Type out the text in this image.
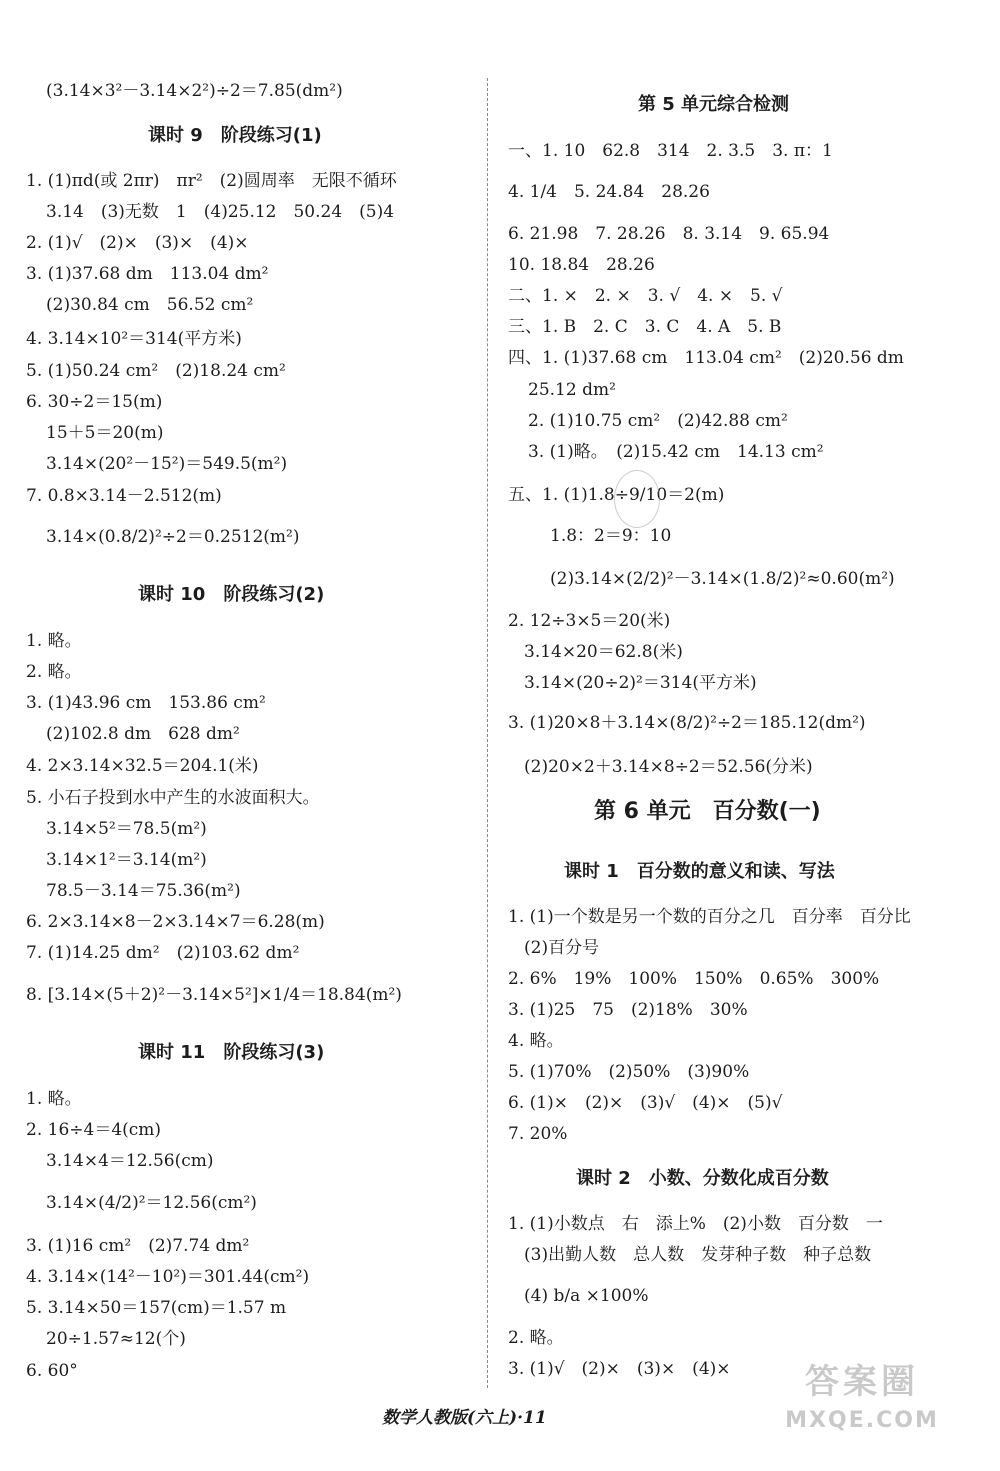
(3.14×3²－3.14×2²)÷2＝7.85(dm²)
课时 9　阶段练习(1)
1. (1)πd(或 2πr)　πr²　(2)圆周率　无限不循环
3.14　(3)无数　1　(4)25.12　50.24　(5)4
2. (1)√　(2)×　(3)×　(4)×
3. (1)37.68 dm　113.04 dm²
(2)30.84 cm　56.52 cm²
4. 3.14×10²＝314(平方米)
5. (1)50.24 cm²　(2)18.24 cm²
6. 30÷2＝15(m)
15＋5＝20(m)
3.14×(20²－15²)＝549.5(m²)
7. 0.8×3.14－2.512(m)
3.14×(0.8/2)²÷2＝0.2512(m²)
课时 10　阶段练习(2)
1. 略。
2. 略。
3. (1)43.96 cm　153.86 cm²
(2)102.8 dm　628 dm²
4. 2×3.14×32.5＝204.1(米)
5. 小石子投到水中产生的水波面积大。
3.14×5²＝78.5(m²)
3.14×1²＝3.14(m²)
78.5－3.14＝75.36(m²)
6. 2×3.14×8－2×3.14×7＝6.28(m)
7. (1)14.25 dm²　(2)103.62 dm²
8. [3.14×(5＋2)²－3.14×5²]×1/4＝18.84(m²)
课时 11　阶段练习(3)
1. 略。
2. 16÷4＝4(cm)
3.14×4＝12.56(cm)
3.14×(4/2)²＝12.56(cm²)
3. (1)16 cm²　(2)7.74 dm²
4. 3.14×(14²－10²)＝301.44(cm²)
5. 3.14×50＝157(cm)＝1.57 m
20÷1.57≈12(个)
6. 60°
第 5 单元综合检测
一、1. 10　62.8　314　2. 3.5　3. π：1
4. 1/4　5. 24.84　28.26
6. 21.98　7. 28.26　8. 3.14　9. 65.94
10. 18.84　28.26
二、1. ×　2. ×　3. √　4. ×　5. √
三、1. B　2. C　3. C　4. A　5. B
四、1. (1)37.68 cm　113.04 cm²　(2)20.56 dm
25.12 dm²
2. (1)10.75 cm²　(2)42.88 cm²
3. (1)略。　(2)15.42 cm　14.13 cm²
五、1. (1)1.8÷9/10＝2(m)
1.8：2＝9：10
(2)3.14×(2/2)²－3.14×(1.8/2)²≈0.60(m²)
2. 12÷3×5＝20(米)
3.14×20＝62.8(米)
3.14×(20÷2)²＝314(平方米)
3. (1)20×8＋3.14×(8/2)²÷2＝185.12(dm²)
(2)20×2＋3.14×8÷2＝52.56(分米)
第 6 单元　百分数(一)
课时 1　百分数的意义和读、写法
1. (1)一个数是另一个数的百分之几　百分率　百分比
(2)百分号
2. 6%　19%　100%　150%　0.65%　300%
3. (1)25　75　(2)18%　30%
4. 略。
5. (1)70%　(2)50%　(3)90%
6. (1)×　(2)×　(3)√　(4)×　(5)√
7. 20%
课时 2　小数、分数化成百分数
1. (1)小数点　右　添上%　(2)小数　百分数　一
(3)出勤人数　总人数　发芽种子数　种子总数
(4) b/a ×100%
2. 略。
3. (1)√　(2)×　(3)×　(4)×
数学人教版(六上)·11
答案圈
MXQE.COM
